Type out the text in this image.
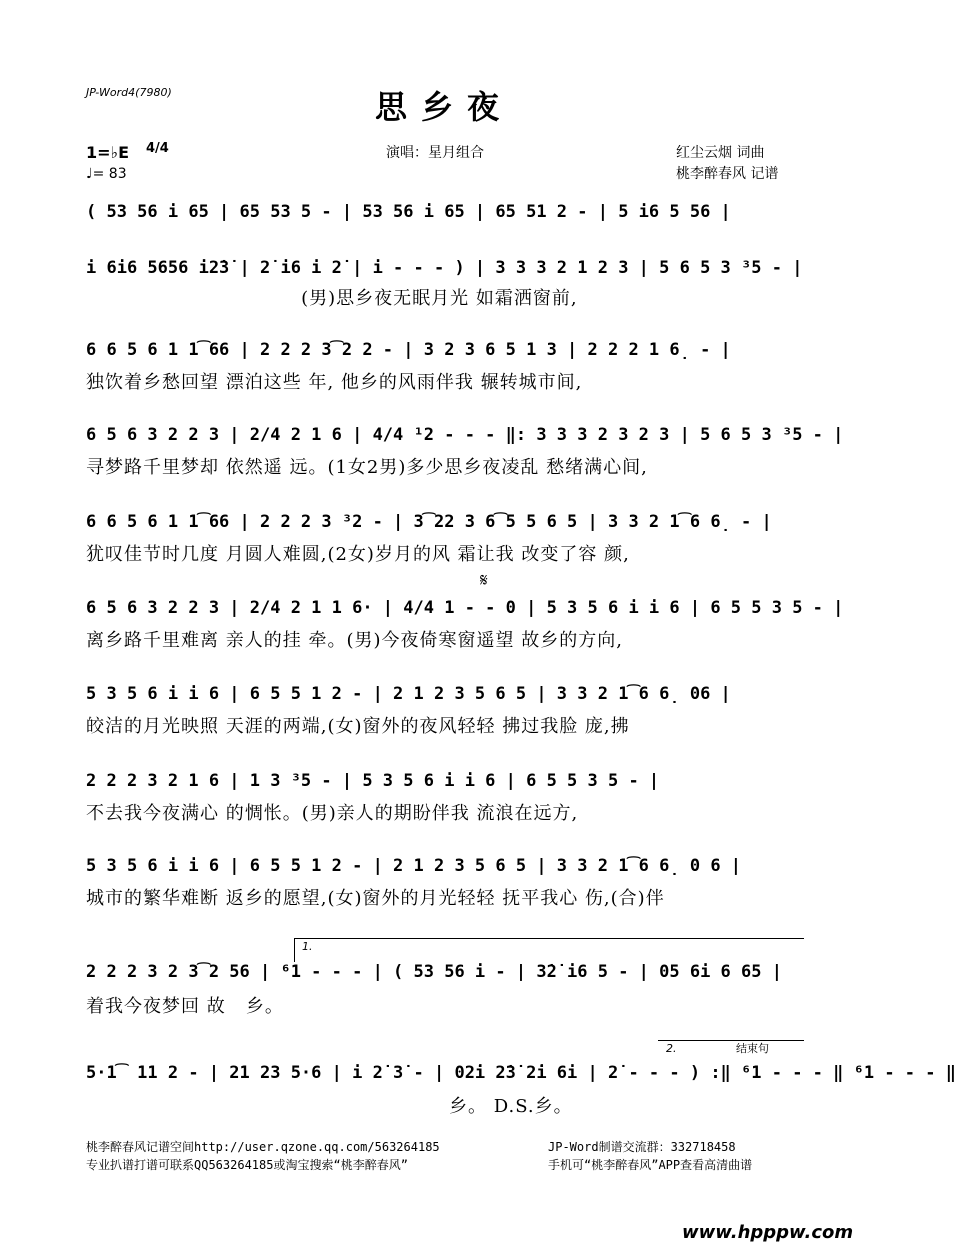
JP-Word4(7980)	思乡夜
1=♭E 4/4
♩= 83
演唱：星月组合	红尘云烟 词曲
桃李醉春风 记谱
( 53 56 i 65 | 65 53 5 - | 53 56 i 65 | 65 51 2 - | 5 i6 5 56 |
i 6i6 5656 i2̇3̇ | 2̇ i6 i 2̇ | i - - - ) | 3 3 3 2 1 2 3 | 5 6 5 3 ³5 - |
(男)思乡夜无眠月光 如霜洒窗前,
6 6 5 6 1 1͡66 | 2 2 2 3͡2 2 - | 3 2 3 6 5 1 3 | 2 2 2 1 6̣ - |
独饮着乡愁回望 漂泊这些 年, 他乡的风雨伴我 辗转城市间,
6 5 6 3 2 2 3 | 2/4 2 1 6 | 4/4 ¹2 - - - ‖: 3 3 3 2 3 2 3 | 5 6 5 3 ³5 - |
寻梦路千里梦却 依然遥 远。(1女2男)多少思乡夜凌乱 愁绪满心间,
6 6 5 6 1 1͡66 | 2 2 2 3 ³2 - | 3͡22 3 6͡5 5 6 5 | 3 3 2 1͡6 6̣ - |
犹叹佳节时几度 月圆人难圆,(2女)岁月的风 霜让我 改变了容 颜,
𝄋
6 5 6 3 2 2 3 | 2/4 2 1 1 6· | 4/4 1 - - 0 | 5 3 5 6 i i 6 | 6 5 5 3 5 - |
离乡路千里难离 亲人的挂 牵。(男)今夜倚寒窗遥望 故乡的方向,
5 3 5 6 i i 6 | 6 5 5 1 2 - | 2 1 2 3 5 6 5 | 3 3 2 1͡6 6̣ 06 |
皎洁的月光映照 天涯的两端,(女)窗外的夜风轻轻 拂过我脸 庞,拂
2 2 2 3 2 1 6 | 1 3 ³5 - | 5 3 5 6 i i 6 | 6 5 5 3 5 - |
不去我今夜满心 的惆怅。(男)亲人的期盼伴我 流浪在远方,
5 3 5 6 i i 6 | 6 5 5 1 2 - | 2 1 2 3 5 6 5 | 3 3 2 1͡6 6̣ 0 6 |
城市的繁华难断 返乡的愿望,(女)窗外的月光轻轻 抚平我心 伤,(合)伴
1.
2 2 2 3 2 3͡2 56 | ⁶1 - - - | ( 53 56 i - | 3̇2̇ i6 5 - | 05 6i 6 65 |
着我今夜梦回 故   乡。
2.	结束句
5·1͡ 11 2 - | 21 23 5·6 | i 2̇ 3̇ - | 02̇i 2̇3̇ 2̇i 6i | 2̇ - - - ) :‖ ⁶1 - - - ‖ ⁶1 - - - ‖
乡。 D.S.乡。
桃李醉春风记谱空间http://user.qzone.qq.com/563264185
专业扒谱打谱可联系QQ563264185或淘宝搜索“桃李醉春风”
JP-Word制谱交流群：332718458
手机可“桃李醉春风”APP查看高清曲谱
www.hpppw.com
